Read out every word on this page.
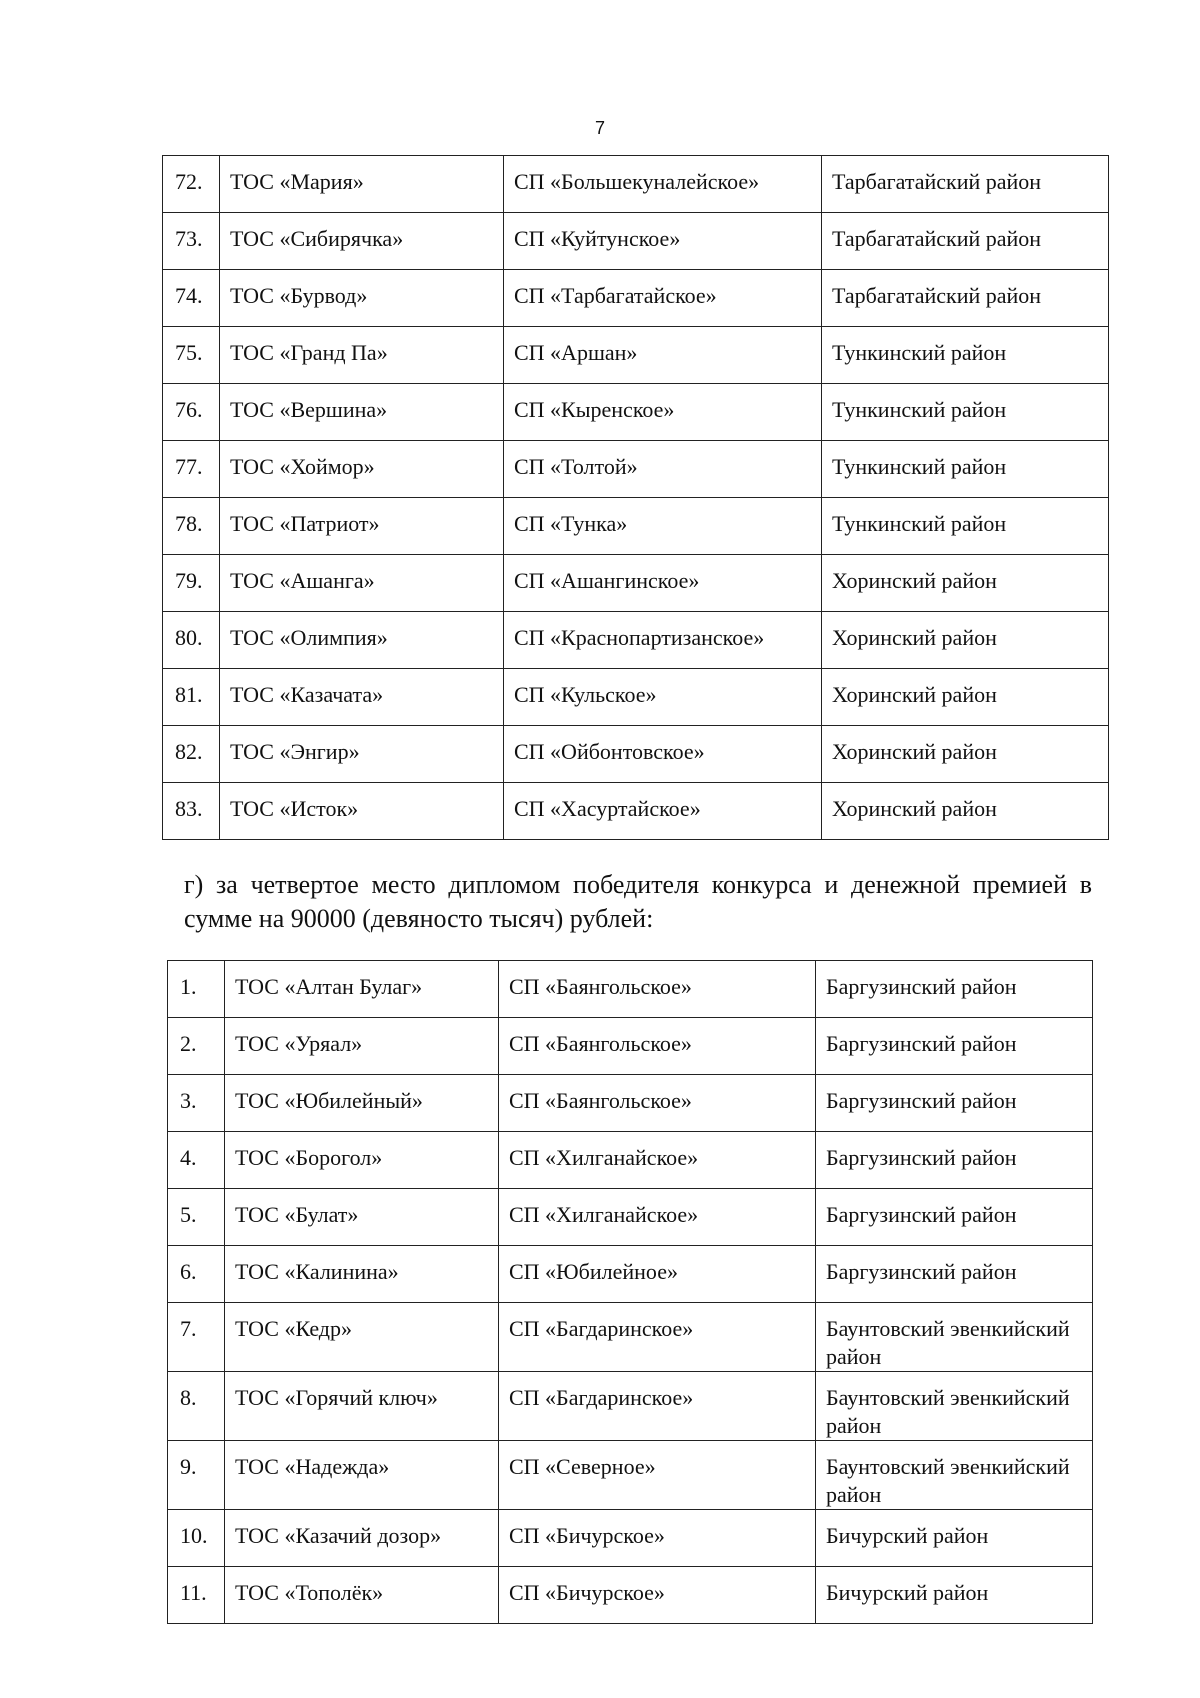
7
72.	ТОС «Мария»	СП «Большекуналейское»	Тарбагатайский район
73.	ТОС «Сибирячка»	СП «Куйтунское»	Тарбагатайский район
74.	ТОС «Бурвод»	СП «Тарбагатайское»	Тарбагатайский район
75.	ТОС «Гранд Па»	СП «Аршан»	Тункинский район
76.	ТОС «Вершина»	СП «Кыренское»	Тункинский район
77.	ТОС «Хоймор»	СП «Толтой»	Тункинский район
78.	ТОС «Патриот»	СП «Тунка»	Тункинский район
79.	ТОС «Ашанга»	СП «Ашангинское»	Хоринский район
80.	ТОС «Олимпия»	СП «Краснопартизанское»	Хоринский район
81.	ТОС «Казачата»	СП «Кульское»	Хоринский район
82.	ТОС «Энгир»	СП «Ойбонтовское»	Хоринский район
83.	ТОС «Исток»	СП «Хасуртайское»	Хоринский район
г) за четвертое место дипломом победителя конкурса и денежной премией в сумме на 90000 (девяносто тысяч) рублей:
1.	ТОС «Алтан Булаг»	СП «Баянгольское»	Баргузинский район
2.	ТОС «Уряал»	СП «Баянгольское»	Баргузинский район
3.	ТОС «Юбилейный»	СП «Баянгольское»	Баргузинский район
4.	ТОС «Борогол»	СП «Хилганайское»	Баргузинский район
5.	ТОС «Булат»	СП «Хилганайское»	Баргузинский район
6.	ТОС «Калинина»	СП «Юбилейное»	Баргузинский район
7.	ТОС «Кедр»	СП «Багдаринское»	Баунтовский эвенкийский район
8.	ТОС «Горячий ключ»	СП «Багдаринское»	Баунтовский эвенкийский район
9.	ТОС «Надежда»	СП «Северное»	Баунтовский эвенкийский район
10.	ТОС «Казачий дозор»	СП «Бичурское»	Бичурский район
11.	ТОС «Тополёк»	СП «Бичурское»	Бичурский район
